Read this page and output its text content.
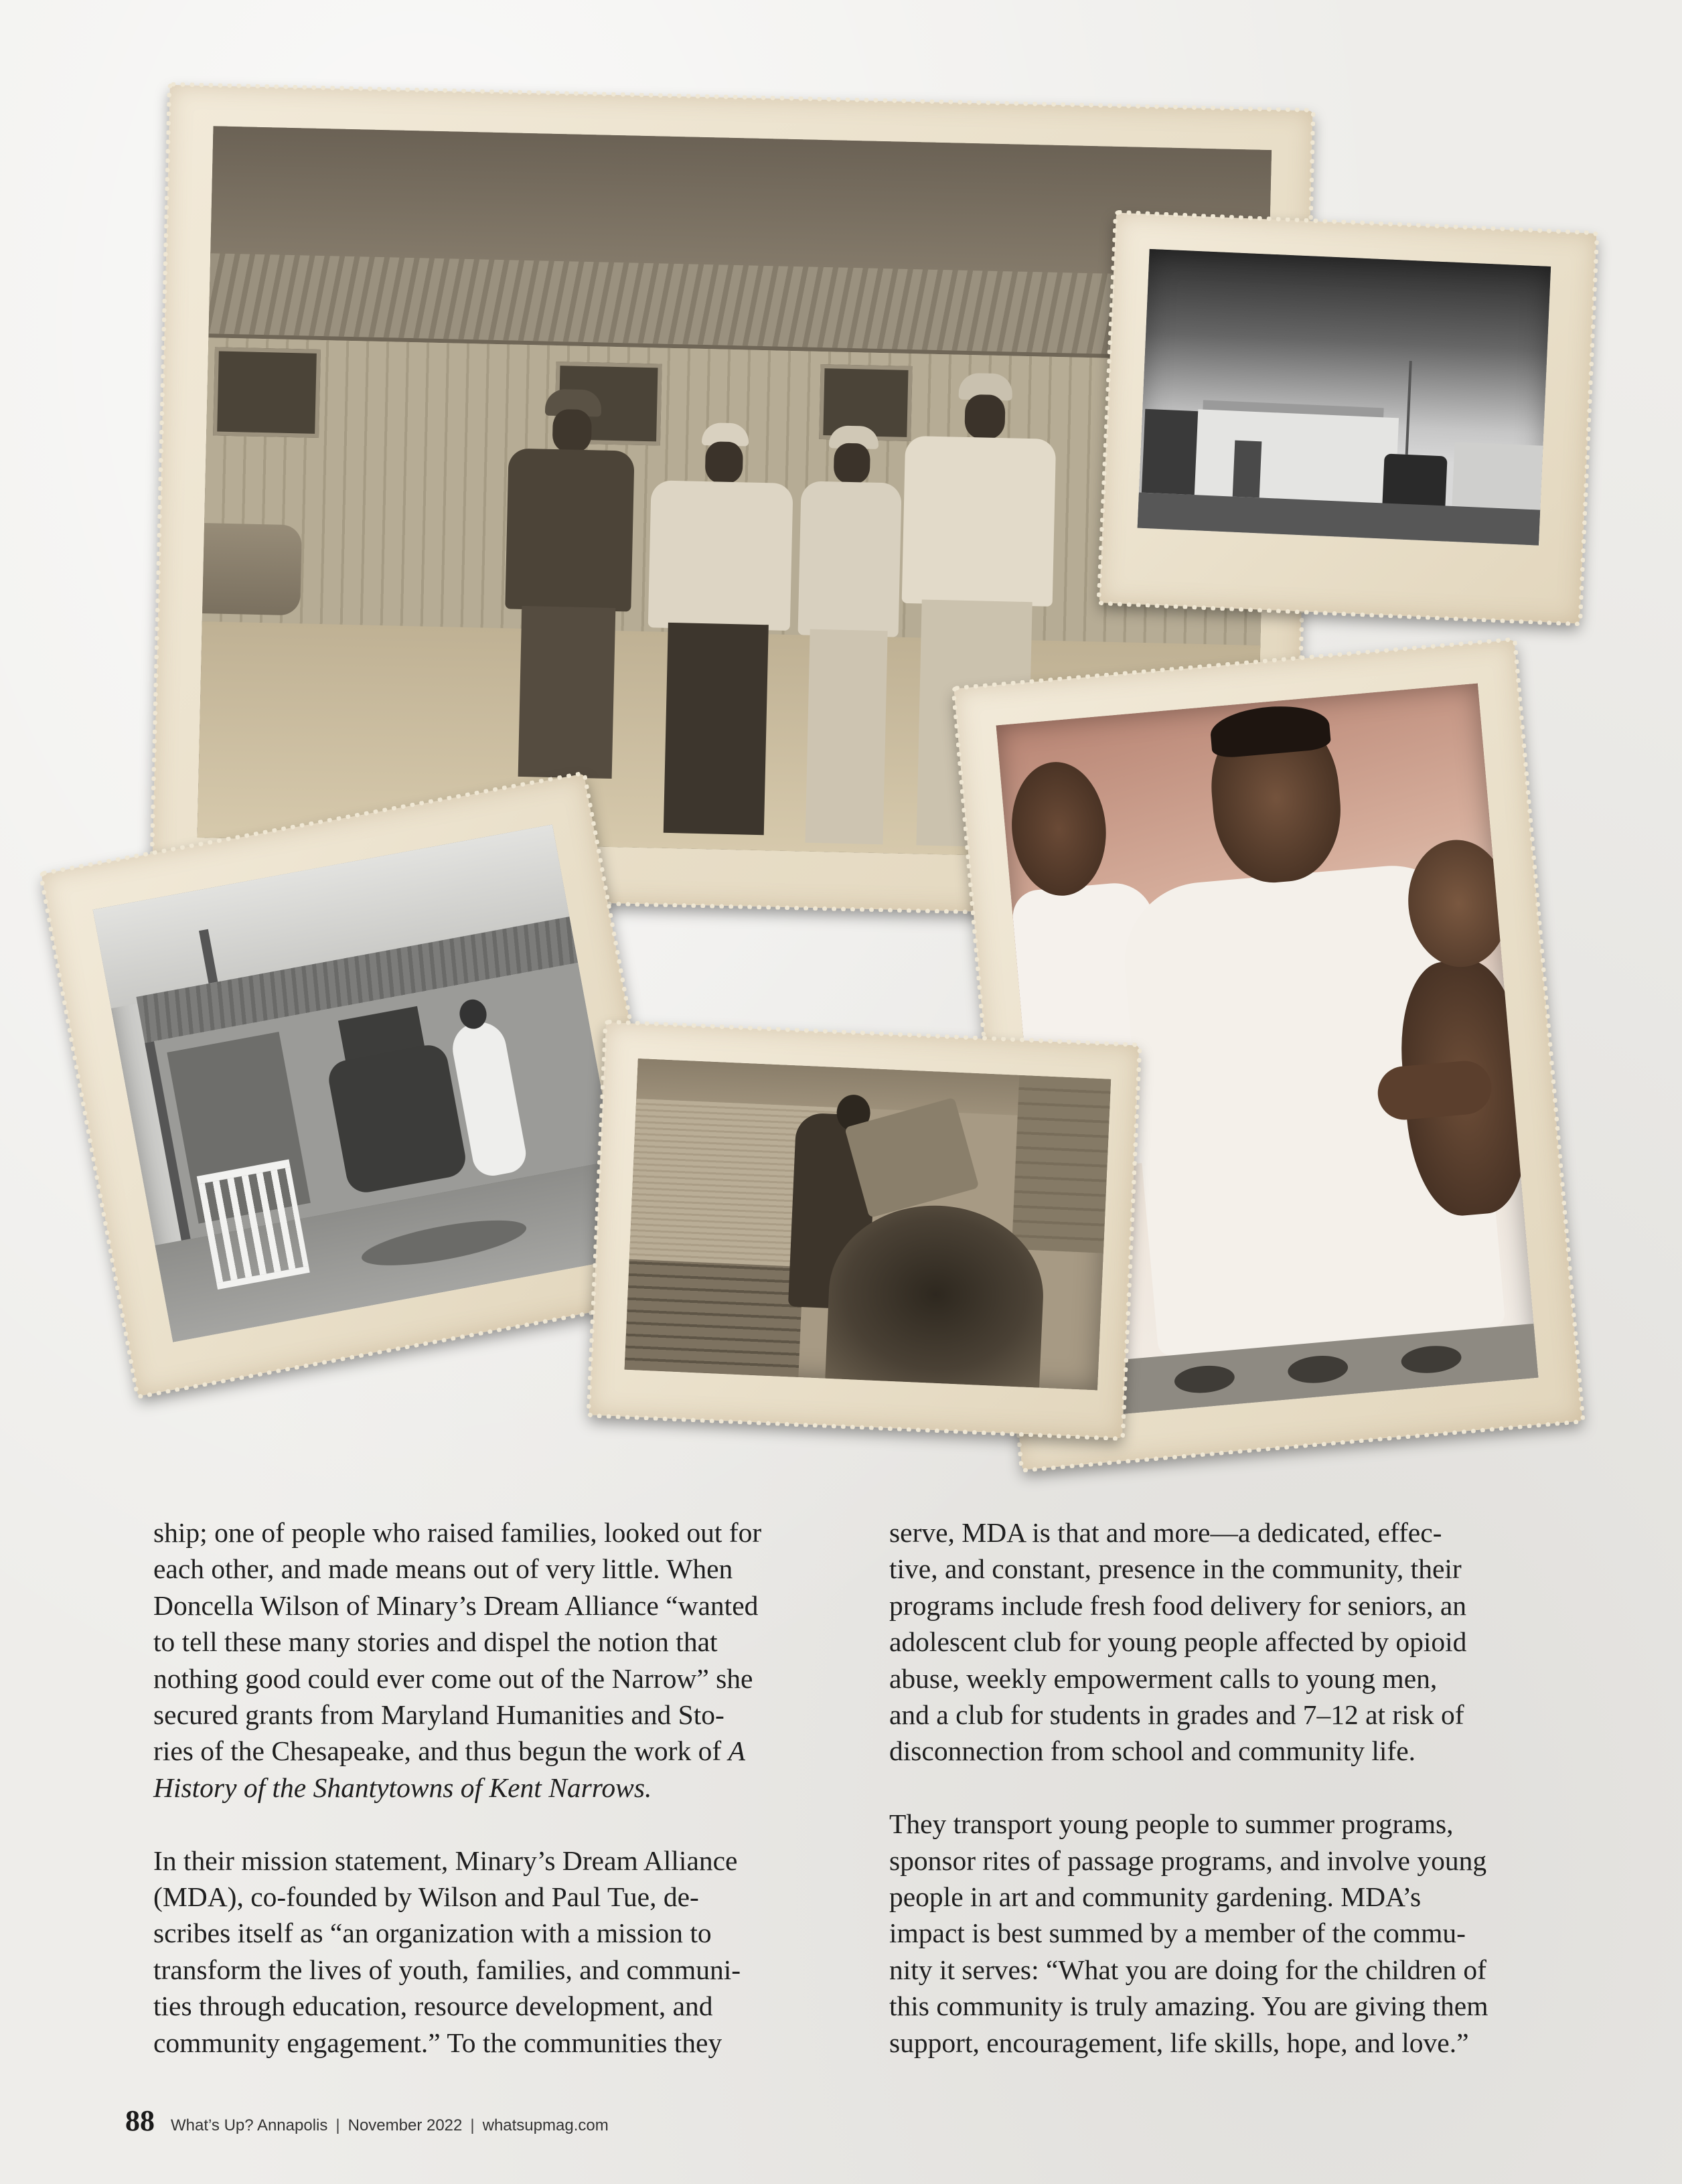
ship; one of people who raised families, looked out for
each other, and made means out of very little. When
Doncella Wilson of Minary’s Dream Alliance “wanted
to tell these many stories and dispel the notion that
nothing good could ever come out of the Narrow” she
secured grants from Maryland Humanities and Sto-
ries of the Chesapeake, and thus begun the work of A
History of the Shantytowns of Kent Narrows.
In their mission statement, Minary’s Dream Alliance
(MDA), co-founded by Wilson and Paul Tue, de-
scribes itself as “an organization with a mission to
transform the lives of youth, families, and communi-
ties through education, resource development, and
community engagement.” To the communities they
serve, MDA is that and more—a dedicated, effec-
tive, and constant, presence in the community, their
programs include fresh food delivery for seniors, an
adolescent club for young people affected by opioid
abuse, weekly empowerment calls to young men,
and a club for students in grades and 7–12 at risk of
disconnection from school and community life.
They transport young people to summer programs,
sponsor rites of passage programs, and involve young
people in art and community gardening. MDA’s
impact is best summed by a member of the commu-
nity it serves: “What you are doing for the children of
this community is truly amazing. You are giving them
support, encouragement, life skills, hope, and love.”
88 What’s Up? Annapolis | November 2022 | whatsupmag.com
